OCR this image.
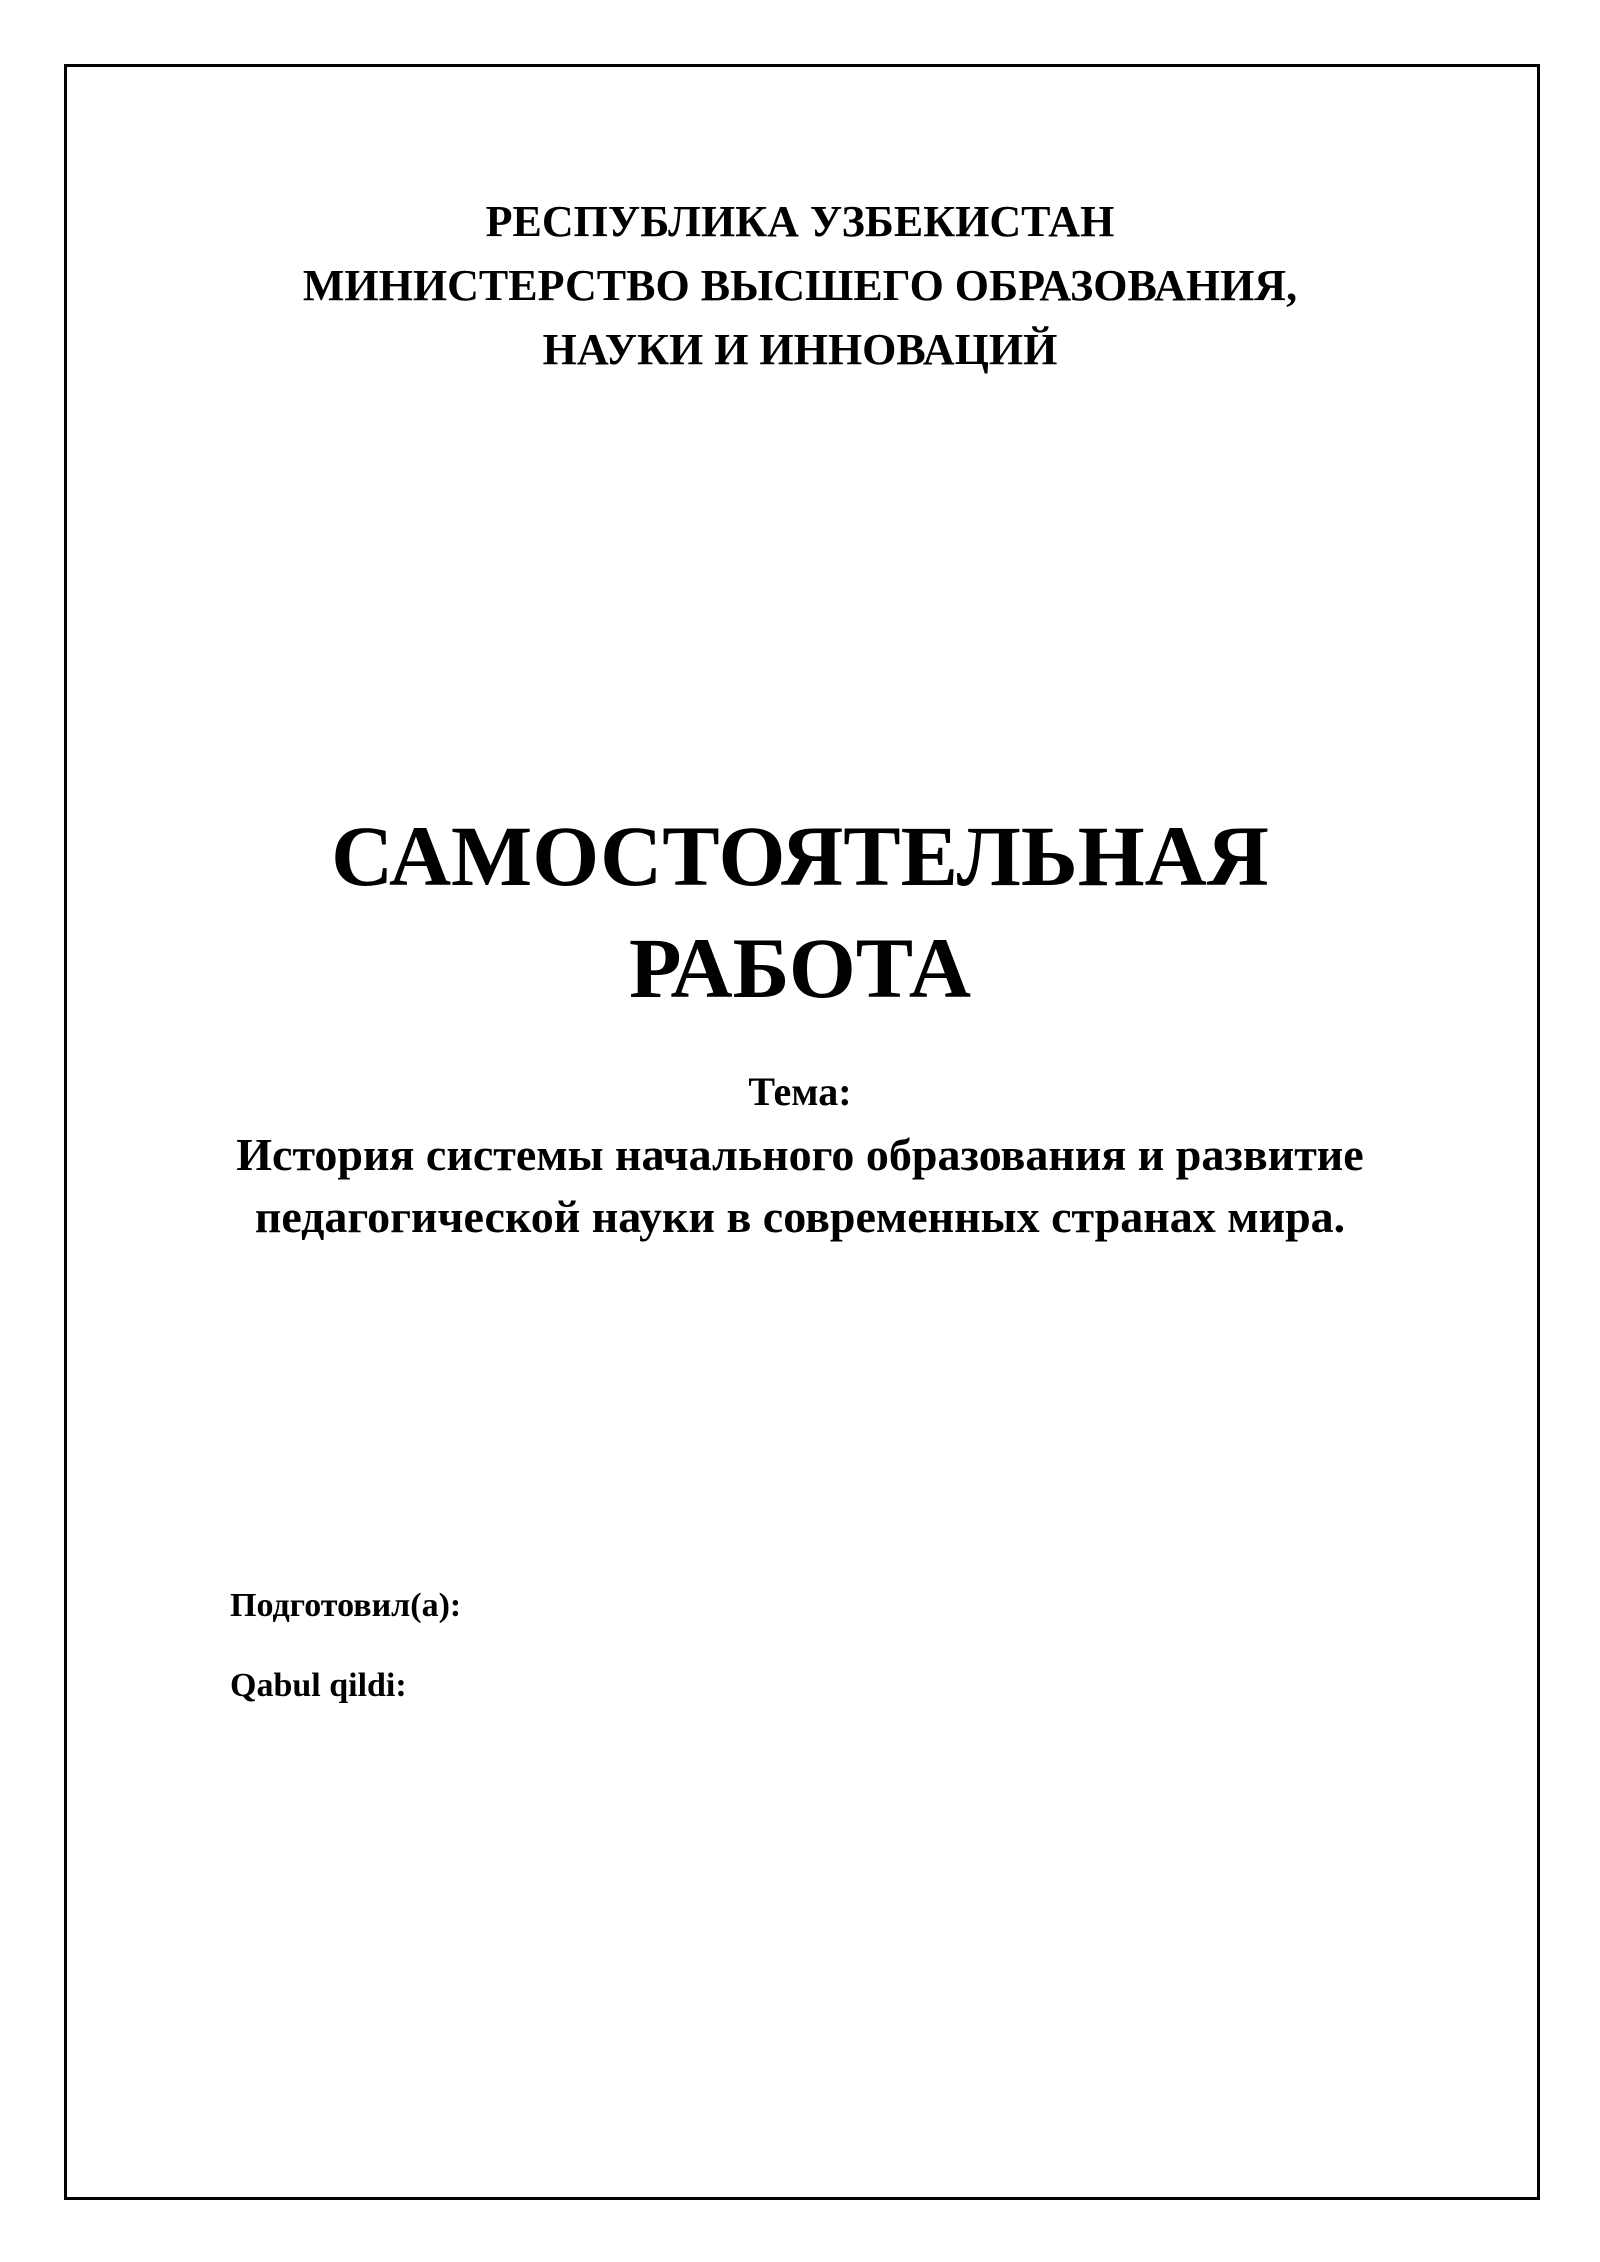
РЕСПУБЛИКА УЗБЕКИСТАН
МИНИСТЕРСТВО ВЫСШЕГО ОБРАЗОВАНИЯ,
НАУКИ И ИННОВАЦИЙ
САМОСТОЯТЕЛЬНАЯ
РАБОТА
Тема:
История системы начального образования и развитие
педагогической науки в современных странах мира.
Подготовил(а):
Qabul qildi:
